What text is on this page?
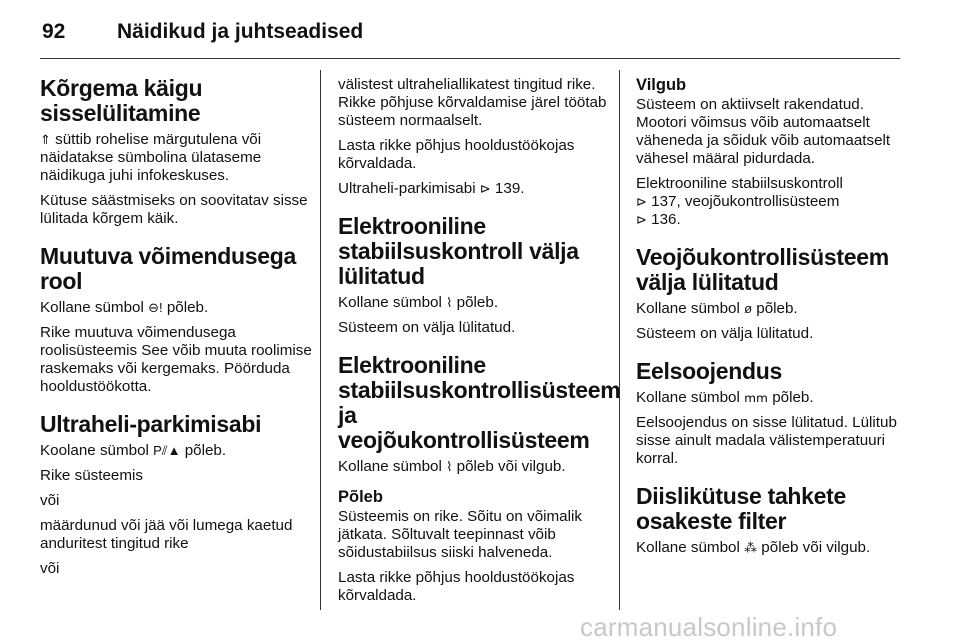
92	Näidikud ja juhtseadised
Kõrgema käigu sisselülitamine

⇑ süttib rohelise märgutulena või näidatakse sümbolina ülataseme näidikuga juhi infokeskuses.

Kütuse säästmiseks on soovitatav sisse lülitada kõrgem käik.

Muutuva võimendusega rool

Kollane sümbol ⊖! põleb.

Rike muutuva võimendusega roolisüsteemis See võib muuta roolimise raskemaks või kergemaks. Pöörduda hooldustöökotta.

Ultraheli-parkimisabi

Koolane sümbol P⫽▲ põleb.

Rike süsteemis

või

määrdunud või jää või lumega kaetud anduritest tingitud rike

või

välistest ultraheliallikatest tingitud rike. Rikke põhjuse kõrvaldamise järel töötab süsteem normaalselt.

Lasta rikke põhjus hooldustöökojas kõrvaldada.

Ultraheli-parkimisabi ⊳ 139.

Elektrooniline stabiilsuskontroll välja lülitatud

Kollane sümbol ⌇ põleb.

Süsteem on välja lülitatud.

Elektrooniline stabiilsuskontrollisüsteem ja veojõukontrollisüsteem

Kollane sümbol ⌇ põleb või vilgub.

Põleb

Süsteemis on rike. Sõitu on võimalik jätkata. Sõltuvalt teepinnast võib sõidustabiilsus siiski halveneda.

Lasta rikke põhjus hooldustöökojas kõrvaldada.

Vilgub

Süsteem on aktiivselt rakendatud. Mootori võimsus võib automaatselt väheneda ja sõiduk võib automaatselt vähesel määral pidurdada.

Elektrooniline stabiilsuskontroll
⊳ 137, veojõukontrollisüsteem
⊳ 136.

Veojõukontrollisüsteem välja lülitatud

Kollane sümbol ø põleb.

Süsteem on välja lülitatud.

Eelsoojendus

Kollane sümbol ՠՠ põleb.

Eelsoojendus on sisse lülitatud. Lülitub sisse ainult madala välistemperatuuri korral.

Diislikütuse tahkete osakeste filter

Kollane sümbol ⁂ põleb või vilgub.

carmanualsonline.info
